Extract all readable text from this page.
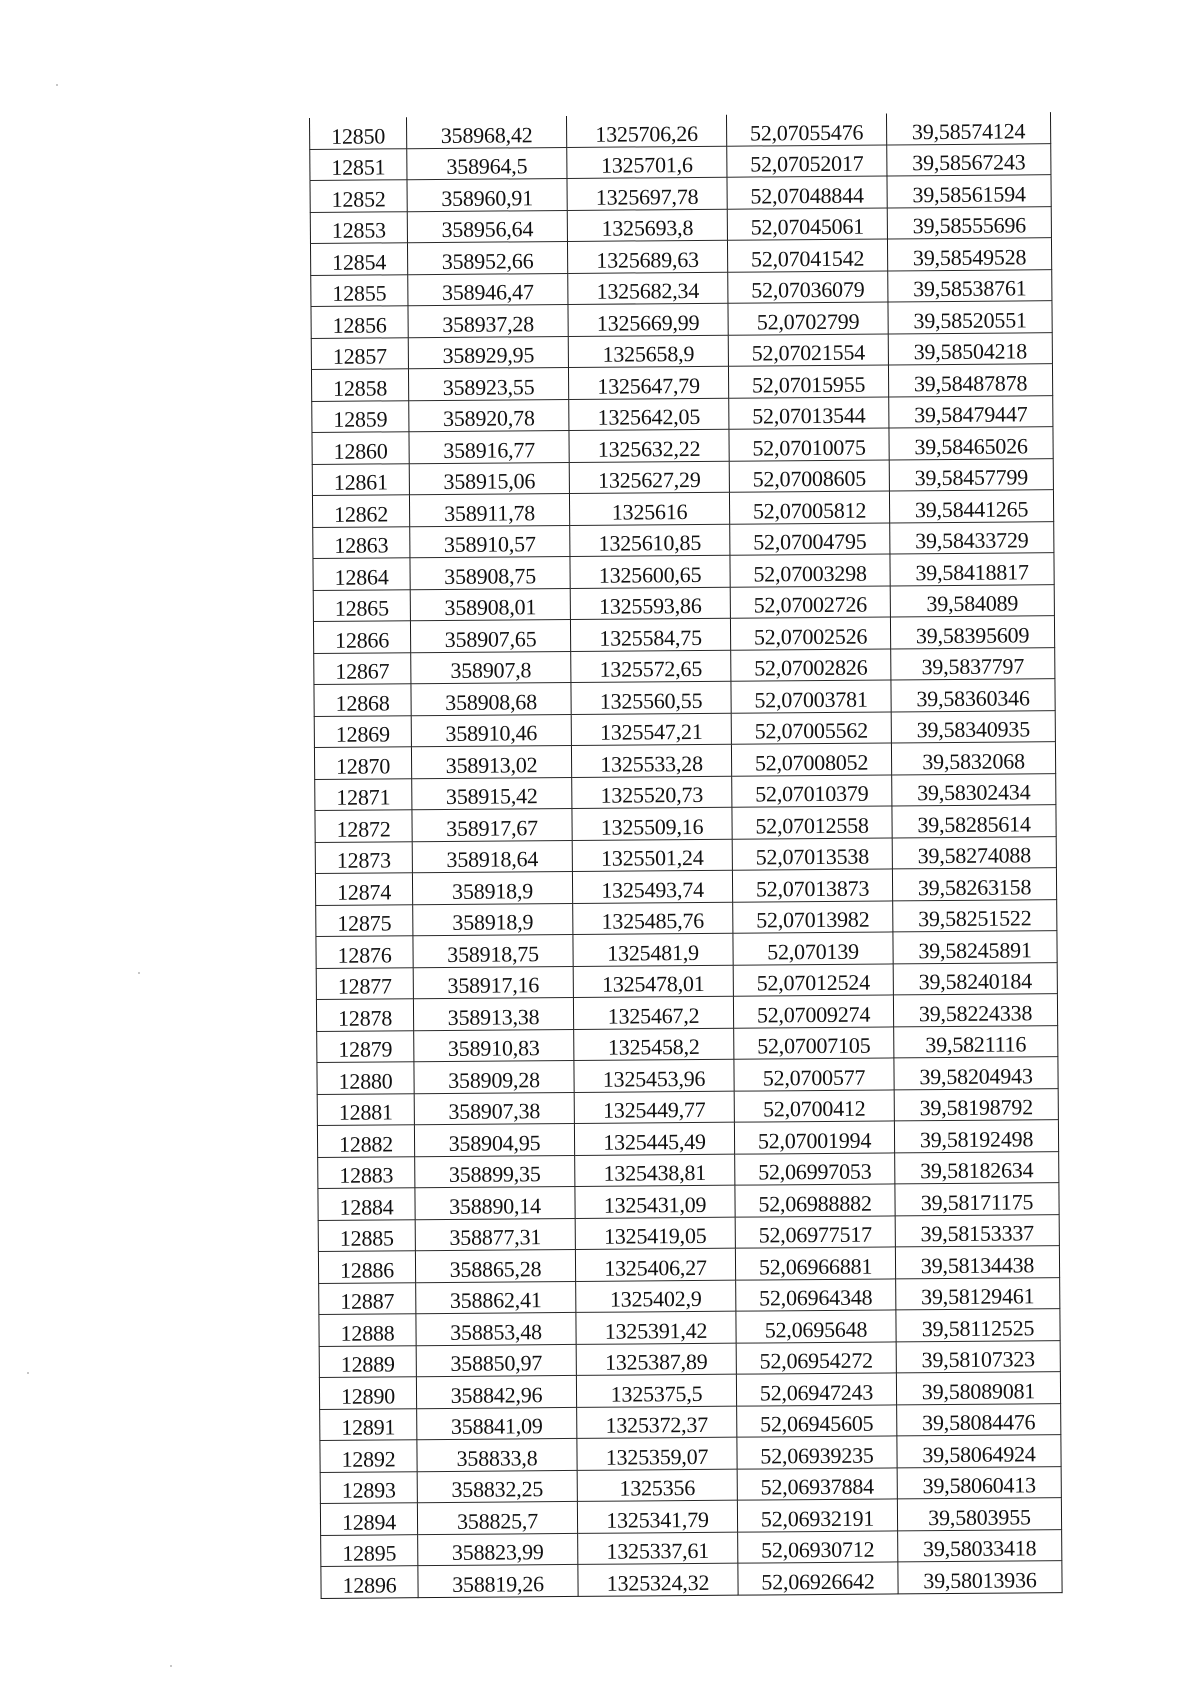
12850	358968,42	1325706,26	52,07055476	39,58574124
12851	358964,5	1325701,6	52,07052017	39,58567243
12852	358960,91	1325697,78	52,07048844	39,58561594
12853	358956,64	1325693,8	52,07045061	39,58555696
12854	358952,66	1325689,63	52,07041542	39,58549528
12855	358946,47	1325682,34	52,07036079	39,58538761
12856	358937,28	1325669,99	52,0702799	39,58520551
12857	358929,95	1325658,9	52,07021554	39,58504218
12858	358923,55	1325647,79	52,07015955	39,58487878
12859	358920,78	1325642,05	52,07013544	39,58479447
12860	358916,77	1325632,22	52,07010075	39,58465026
12861	358915,06	1325627,29	52,07008605	39,58457799
12862	358911,78	1325616	52,07005812	39,58441265
12863	358910,57	1325610,85	52,07004795	39,58433729
12864	358908,75	1325600,65	52,07003298	39,58418817
12865	358908,01	1325593,86	52,07002726	39,584089
12866	358907,65	1325584,75	52,07002526	39,58395609
12867	358907,8	1325572,65	52,07002826	39,5837797
12868	358908,68	1325560,55	52,07003781	39,58360346
12869	358910,46	1325547,21	52,07005562	39,58340935
12870	358913,02	1325533,28	52,07008052	39,5832068
12871	358915,42	1325520,73	52,07010379	39,58302434
12872	358917,67	1325509,16	52,07012558	39,58285614
12873	358918,64	1325501,24	52,07013538	39,58274088
12874	358918,9	1325493,74	52,07013873	39,58263158
12875	358918,9	1325485,76	52,07013982	39,58251522
12876	358918,75	1325481,9	52,070139	39,58245891
12877	358917,16	1325478,01	52,07012524	39,58240184
12878	358913,38	1325467,2	52,07009274	39,58224338
12879	358910,83	1325458,2	52,07007105	39,5821116
12880	358909,28	1325453,96	52,0700577	39,58204943
12881	358907,38	1325449,77	52,0700412	39,58198792
12882	358904,95	1325445,49	52,07001994	39,58192498
12883	358899,35	1325438,81	52,06997053	39,58182634
12884	358890,14	1325431,09	52,06988882	39,58171175
12885	358877,31	1325419,05	52,06977517	39,58153337
12886	358865,28	1325406,27	52,06966881	39,58134438
12887	358862,41	1325402,9	52,06964348	39,58129461
12888	358853,48	1325391,42	52,0695648	39,58112525
12889	358850,97	1325387,89	52,06954272	39,58107323
12890	358842,96	1325375,5	52,06947243	39,58089081
12891	358841,09	1325372,37	52,06945605	39,58084476
12892	358833,8	1325359,07	52,06939235	39,58064924
12893	358832,25	1325356	52,06937884	39,58060413
12894	358825,7	1325341,79	52,06932191	39,5803955
12895	358823,99	1325337,61	52,06930712	39,58033418
12896	358819,26	1325324,32	52,06926642	39,58013936
